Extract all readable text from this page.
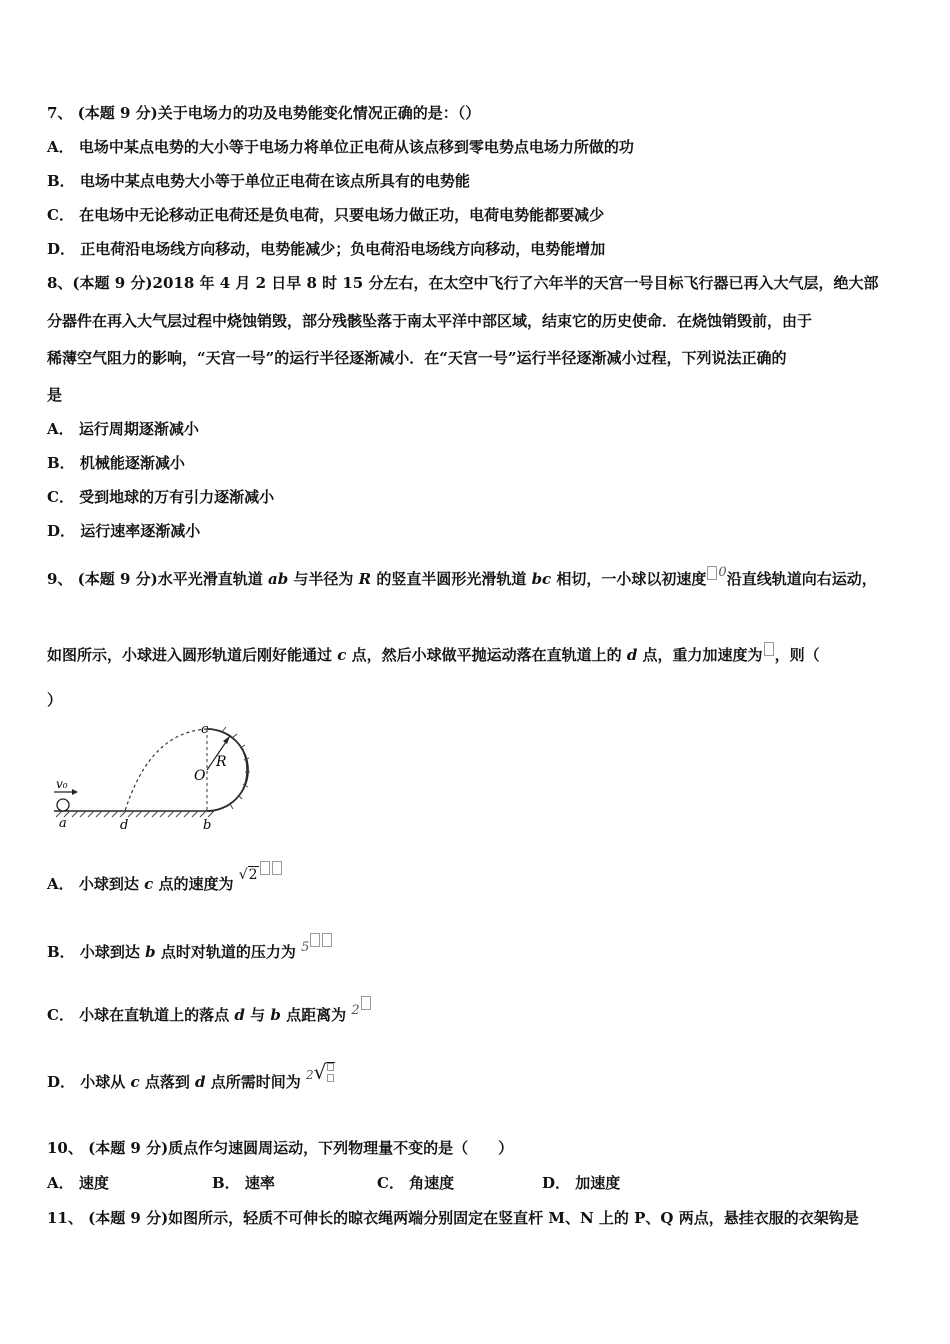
7、 (本题 9 分)关于电场力的功及电势能变化情况正确的是：（）
A． 电场中某点电势的大小等于电场力将单位正电荷从该点移到零电势点电场力所做的功
B． 电场中某点电势大小等于单位正电荷在该点所具有的电势能
C． 在电场中无论移动正电荷还是负电荷，只要电场力做正功，电荷电势能都要减少
D． 正电荷沿电场线方向移动，电势能减少；负电荷沿电场线方向移动，电势能增加
8、(本题 9 分)2018 年 4 月 2 日早 8 时 15 分左右，在太空中飞行了六年半的天宫一号目标飞行器已再入大气层，绝大部
分器件在再入大气层过程中烧蚀销毁，部分残骸坠落于南太平洋中部区域，结束它的历史使命．在烧蚀销毁前，由于
稀薄空气阻力的影响，“天宫一号”的运行半径逐渐减小．在“天宫一号”运行半径逐渐减小过程，下列说法正确的
是
A． 运行周期逐渐减小
B． 机械能逐渐减小
C． 受到地球的万有引力逐渐减小
D． 运行速率逐渐减小
9、 (本题 9 分)水平光滑直轨道 ab 与半径为 R 的竖直半圆形光滑轨道 bc 相切，一小球以初速度 0沿直线轨道向右运动，
如图所示，小球进入圆形轨道后刚好能通过 c 点，然后小球做平抛运动落在直轨道上的 d 点，重力加速度为 ，则（
）
v₀
a	d	b
c
O
R
A． 小球到达 c 点的速度为 √2
B． 小球到达 b 点时对轨道的压力为 5
C． 小球在直轨道上的落点 d 与 b 点距离为 2
D． 小球从 c 点落到 d 点所需时间为 $^2$√

10、 (本题 9 分)质点作匀速圆周运动，下列物理量不变的是（　　）
A． 速度	B． 速率	C． 角速度	D． 加速度
11、 (本题 9 分)如图所示，轻质不可伸长的晾衣绳两端分别固定在竖直杆 M、N 上的 P、Q 两点，悬挂衣服的衣架钩是
